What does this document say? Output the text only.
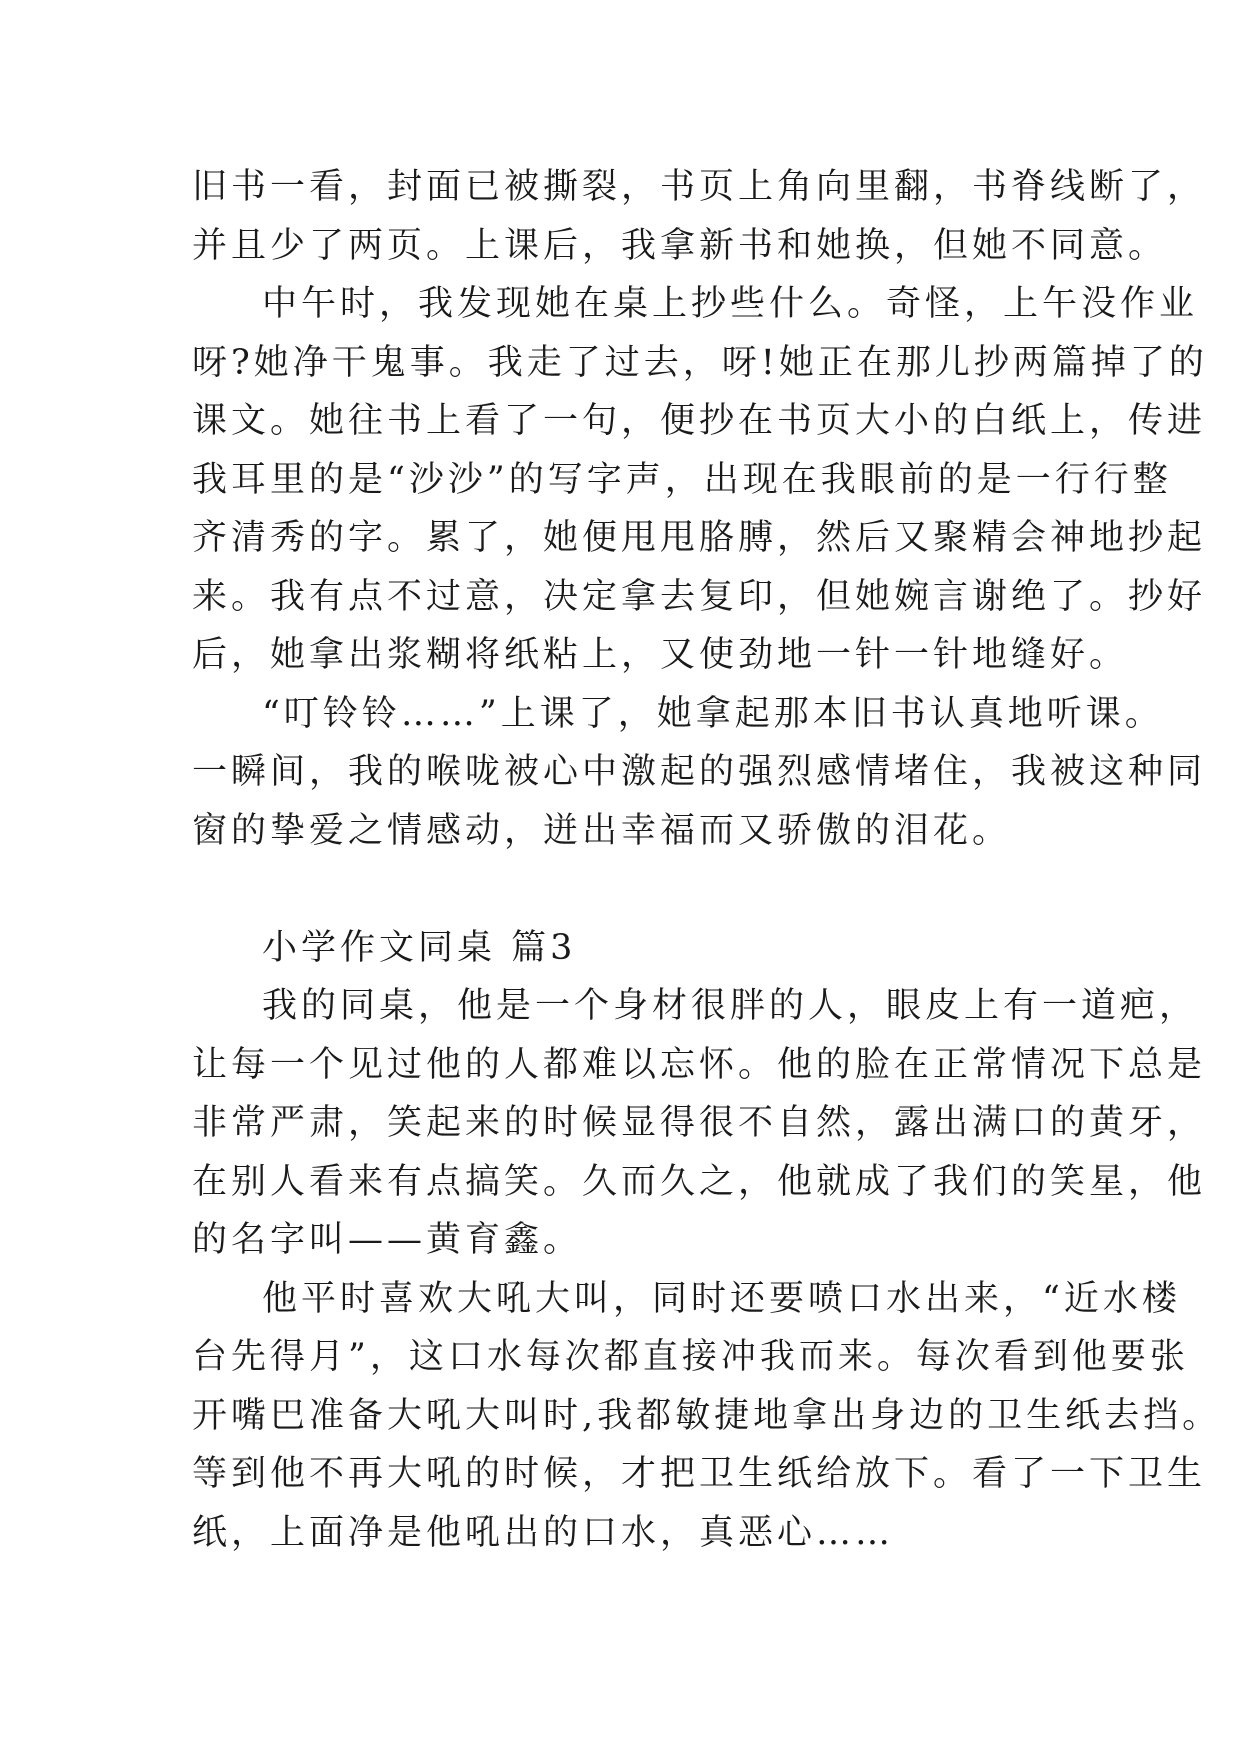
旧书一看，封面已被撕裂，书页上角向里翻，书脊线断了，
并且少了两页。上课后，我拿新书和她换，但她不同意。
中午时，我发现她在桌上抄些什么。奇怪，上午没作业
呀?她净干鬼事。我走了过去，呀!她正在那儿抄两篇掉了的
课文。她往书上看了一句，便抄在书页大小的白纸上，传进
我耳里的是“沙沙”的写字声，出现在我眼前的是一行行整
齐清秀的字。累了，她便甩甩胳膊，然后又聚精会神地抄起
来。我有点不过意，决定拿去复印，但她婉言谢绝了。抄好
后，她拿出浆糊将纸粘上，又使劲地一针一针地缝好。
“叮铃铃……”上课了，她拿起那本旧书认真地听课。
一瞬间，我的喉咙被心中激起的强烈感情堵住，我被这种同
窗的挚爱之情感动，迸出幸福而又骄傲的泪花。
小学作文同桌 篇3
我的同桌，他是一个身材很胖的人，眼皮上有一道疤，
让每一个见过他的人都难以忘怀。他的脸在正常情况下总是
非常严肃，笑起来的时候显得很不自然，露出满口的黄牙，
在别人看来有点搞笑。久而久之，他就成了我们的笑星，他
的名字叫——黄育鑫。
他平时喜欢大吼大叫，同时还要喷口水出来，“近水楼
台先得月”，这口水每次都直接冲我而来。每次看到他要张
开嘴巴准备大吼大叫时,我都敏捷地拿出身边的卫生纸去挡。
等到他不再大吼的时候，才把卫生纸给放下。看了一下卫生
纸，上面净是他吼出的口水，真恶心……
